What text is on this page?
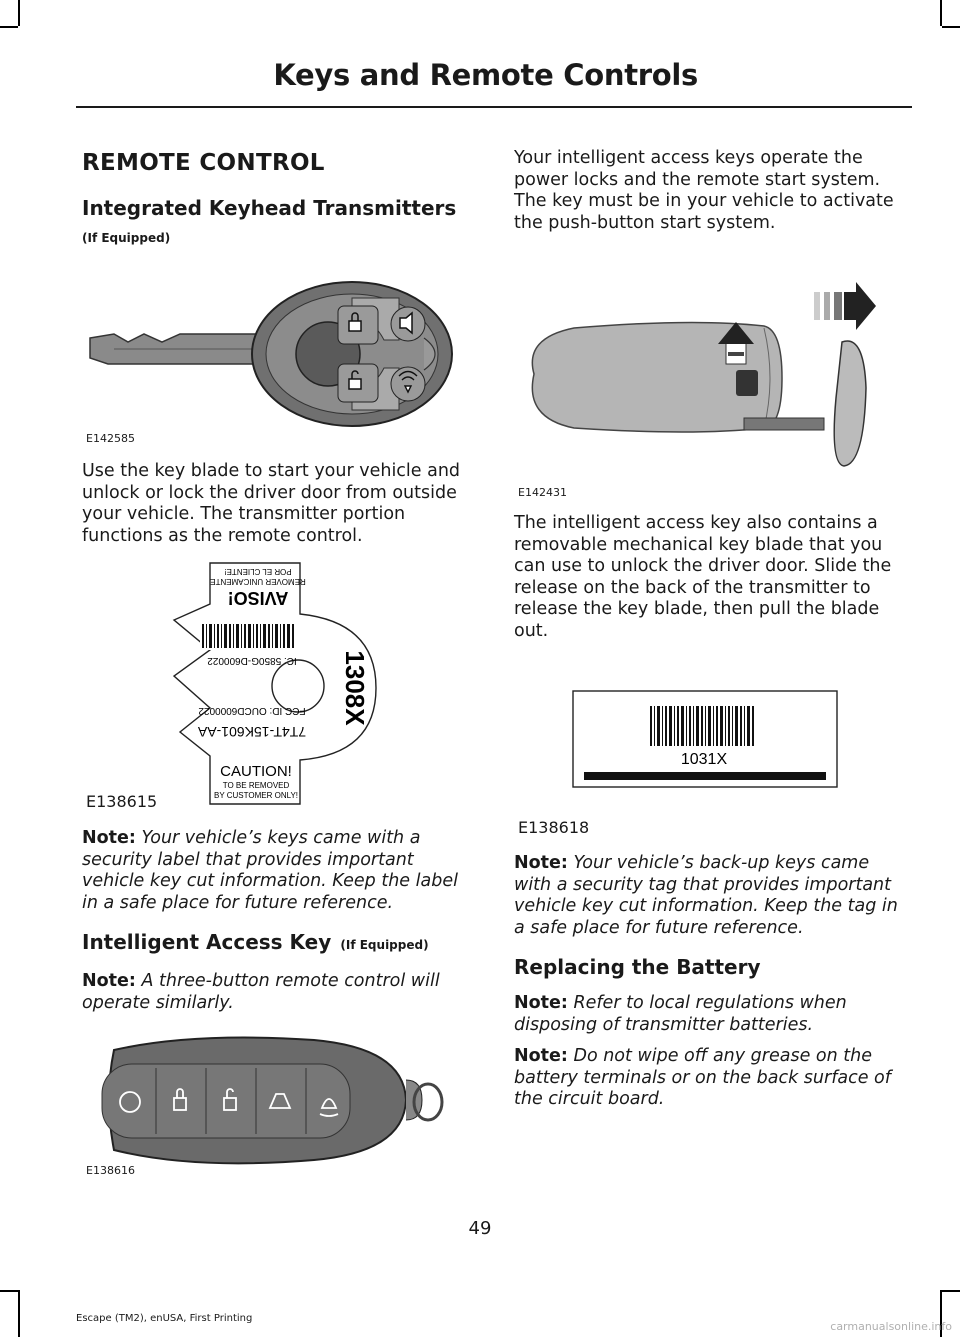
Keys and Remote Controls
REMOTE CONTROL
Integrated Keyhead Transmitters
(If Equipped)
E142585

Use the key blade to start your vehicle and

unlock or lock the driver door from outside

your vehicle. The transmitter portion

functions as the remote control.

AVISO!
REMOVER UNICAMENTE
POR EL CLIENTE!
IC: 5850G-D600022 1308X
FCC ID: OUCD6000022
7T4T-15K601-AA
CAUTION!
TO BE REMOVED
BY CUSTOMER ONLY!
E138615

Note: Your vehicle’s keys came with a

security label that provides important

vehicle key cut information. Keep the label

in a safe place for future reference.

Intelligent Access Key (If Equipped)

Note: A three-button remote control will

operate similarly.

E138616

Your intelligent access keys operate the

power locks and the remote start system.

The key must be in your vehicle to activate

the push-button start system.

E142431

The intelligent access key also contains a

removable mechanical key blade that you

can use to unlock the driver door. Slide the

release on the back of the transmitter to

release the key blade, then pull the blade

out.

1031X
E138618

Note: Your vehicle’s back-up keys came

with a security tag that provides important

vehicle key cut information. Keep the tag in

a safe place for future reference.

Replacing the Battery

Note: Refer to local regulations when

disposing of transmitter batteries.

Note: Do not wipe off any grease on the

battery terminals or on the back surface of

the circuit board.

49
Escape (TM2), enUSA, First Printing
carmanualsonline.info
